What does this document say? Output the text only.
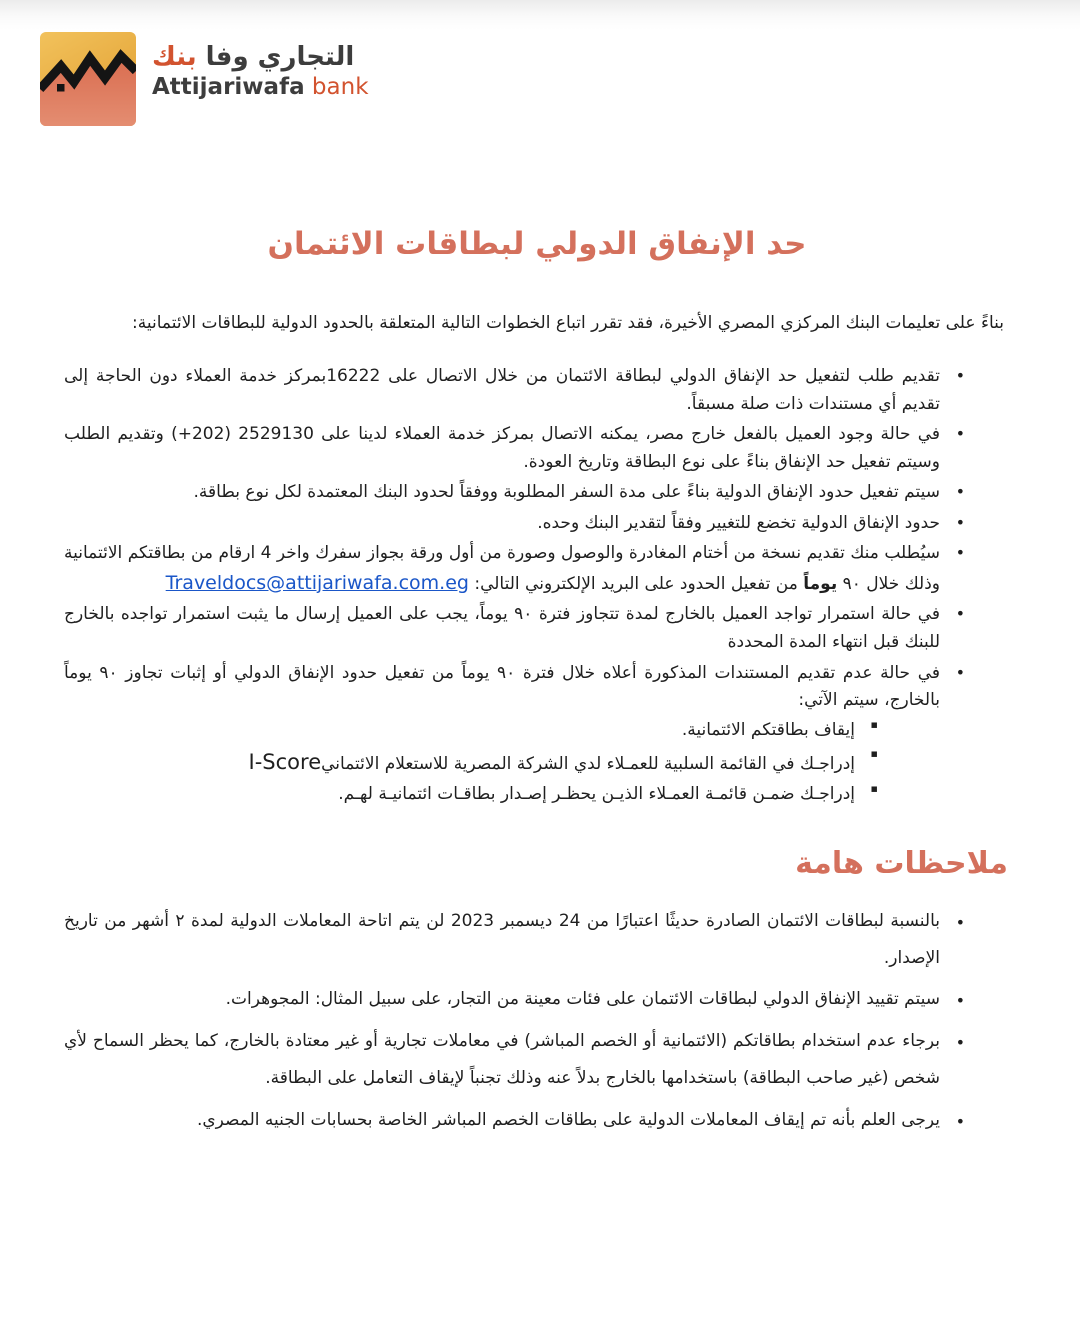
التجاري وفا بنك
Attijariwafa bank
حد الإنفاق الدولي لبطاقات الائتمان

بناءً على تعليمات البنك المركزي المصري الأخيرة، فقد تقرر اتباع الخطوات التالية المتعلقة بالحدود الدولية للبطاقات الائتمانية:

• تقديم طلب لتفعيل حد الإنفاق الدولي لبطاقة الائتمان من خلال الاتصال على 16222بمركز خدمة العملاء دون الحاجة إلى تقديم أي مستندات ذات صلة مسبقاً.
• في حالة وجود العميل بالفعل خارج مصر، يمكنه الاتصال بمركز خدمة العملاء لدينا على (+202) 2529130 وتقديم الطلب وسيتم تفعيل حد الإنفاق بناءً على نوع البطاقة وتاريخ العودة.
• سيتم تفعيل حدود الإنفاق الدولية بناءً على مدة السفر المطلوبة ووفقاً لحدود البنك المعتمدة لكل نوع بطاقة.
• حدود الإنفاق الدولية تخضع للتغيير وفقاً لتقدير البنك وحده.
• سيُطلب منك تقديم نسخة من أختام المغادرة والوصول وصورة من أول ورقة بجواز سفرك واخر 4 ارقام من بطاقتكم الائتمانية وذلك خلال ٩٠ يوماً من تفعيل الحدود على البريد الإلكتروني التالي: Traveldocs@attijariwafa.com.eg
• في حالة استمرار تواجد العميل بالخارج لمدة تتجاوز فترة ٩٠ يوماً، يجب على العميل إرسال ما يثبت استمرار تواجده بالخارج للبنك قبل انتهاء المدة المحددة
• في حالة عدم تقديم المستندات المذكورة أعلاه خلال فترة ٩٠ يوماً من تفعيل حدود الإنفاق الدولي أو إثبات تجاوز ٩٠ يوماً بالخارج، سيتم الآتي:
▪ إيقاف بطاقتكم الائتمانية.
▪ إدراجـك في القائمة السلبية للعمـلاء لدي الشركة المصرية للاستعلام الائتمانيI-Score
▪ إدراجـك ضمـن قائمـة العمـلاء الذيـن يحظـر إصـدار بطاقـات ائتمانيـة لهـم.
ملاحظات هامة
• بالنسبة لبطاقات الائتمان الصادرة حديثًا اعتبارًا من 24 ديسمبر 2023 لن يتم اتاحة المعاملات الدولية لمدة ٢ أشهر من تاريخ الإصدار.
• سيتم تقييد الإنفاق الدولي لبطاقات الائتمان على فئات معينة من التجار، على سبيل المثال: المجوهرات.
• برجاء عدم استخدام بطاقاتكم (الائتمانية أو الخصم المباشر) في معاملات تجارية أو غير معتادة بالخارج، كما يحظر السماح لأي شخص (غير صاحب البطاقة) باستخدامها بالخارج بدلاً عنه وذلك تجنباً لإيقاف التعامل على البطاقة.
• يرجى العلم بأنه تم إيقاف المعاملات الدولية على بطاقات الخصم المباشر الخاصة بحسابات الجنيه المصري.
